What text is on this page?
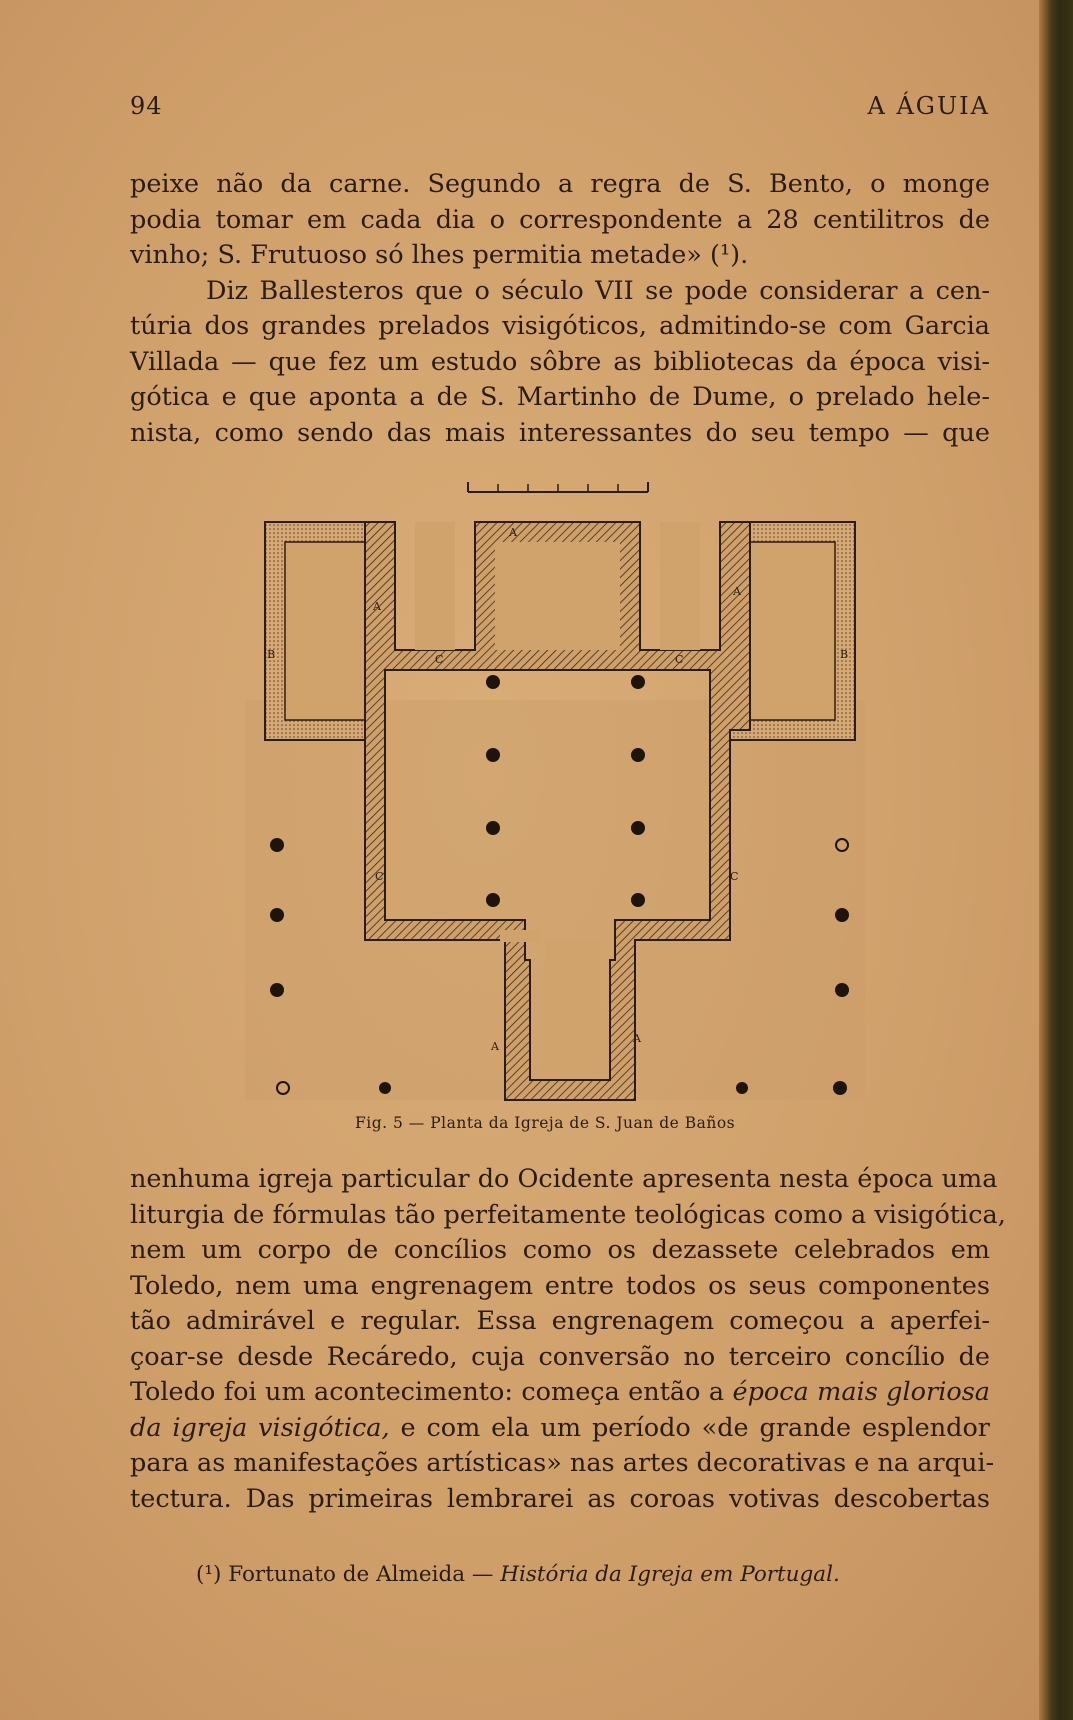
94	A ÁGUIA
peixe não da carne. Segundo a regra de S. Bento, o monge
podia tomar em cada dia o correspondente a 28 centilitros de
vinho; S. Frutuoso só lhes permitia metade» (¹).
Diz Ballesteros que o século VII se pode considerar a cen-
túria dos grandes prelados visigóticos, admitindo-se com Garcia
Villada — que fez um estudo sôbre as bibliotecas da época visi-
gótica e que aponta a de S. Martinho de Dume, o prelado hele-
nista, como sendo das mais interessantes do seu tempo — que
A
A
A
B	B
C	C
C	C
A
A
Fig. 5 — Planta da Igreja de S. Juan de Baños
nenhuma igreja particular do Ocidente apresenta nesta época uma
liturgia de fórmulas tão perfeitamente teológicas como a visigótica,
nem um corpo de concílios como os dezassete celebrados em
Toledo, nem uma engrenagem entre todos os seus componentes
tão admirável e regular. Essa engrenagem começou a aperfei-
çoar-se desde Recáredo, cuja conversão no terceiro concílio de
Toledo foi um acontecimento: começa então a época mais gloriosa
da igreja visigótica, e com ela um período «de grande esplendor
para as manifestações artísticas» nas artes decorativas e na arqui-
tectura. Das primeiras lembrarei as coroas votivas descobertas
(¹) Fortunato de Almeida — História da Igreja em Portugal.
